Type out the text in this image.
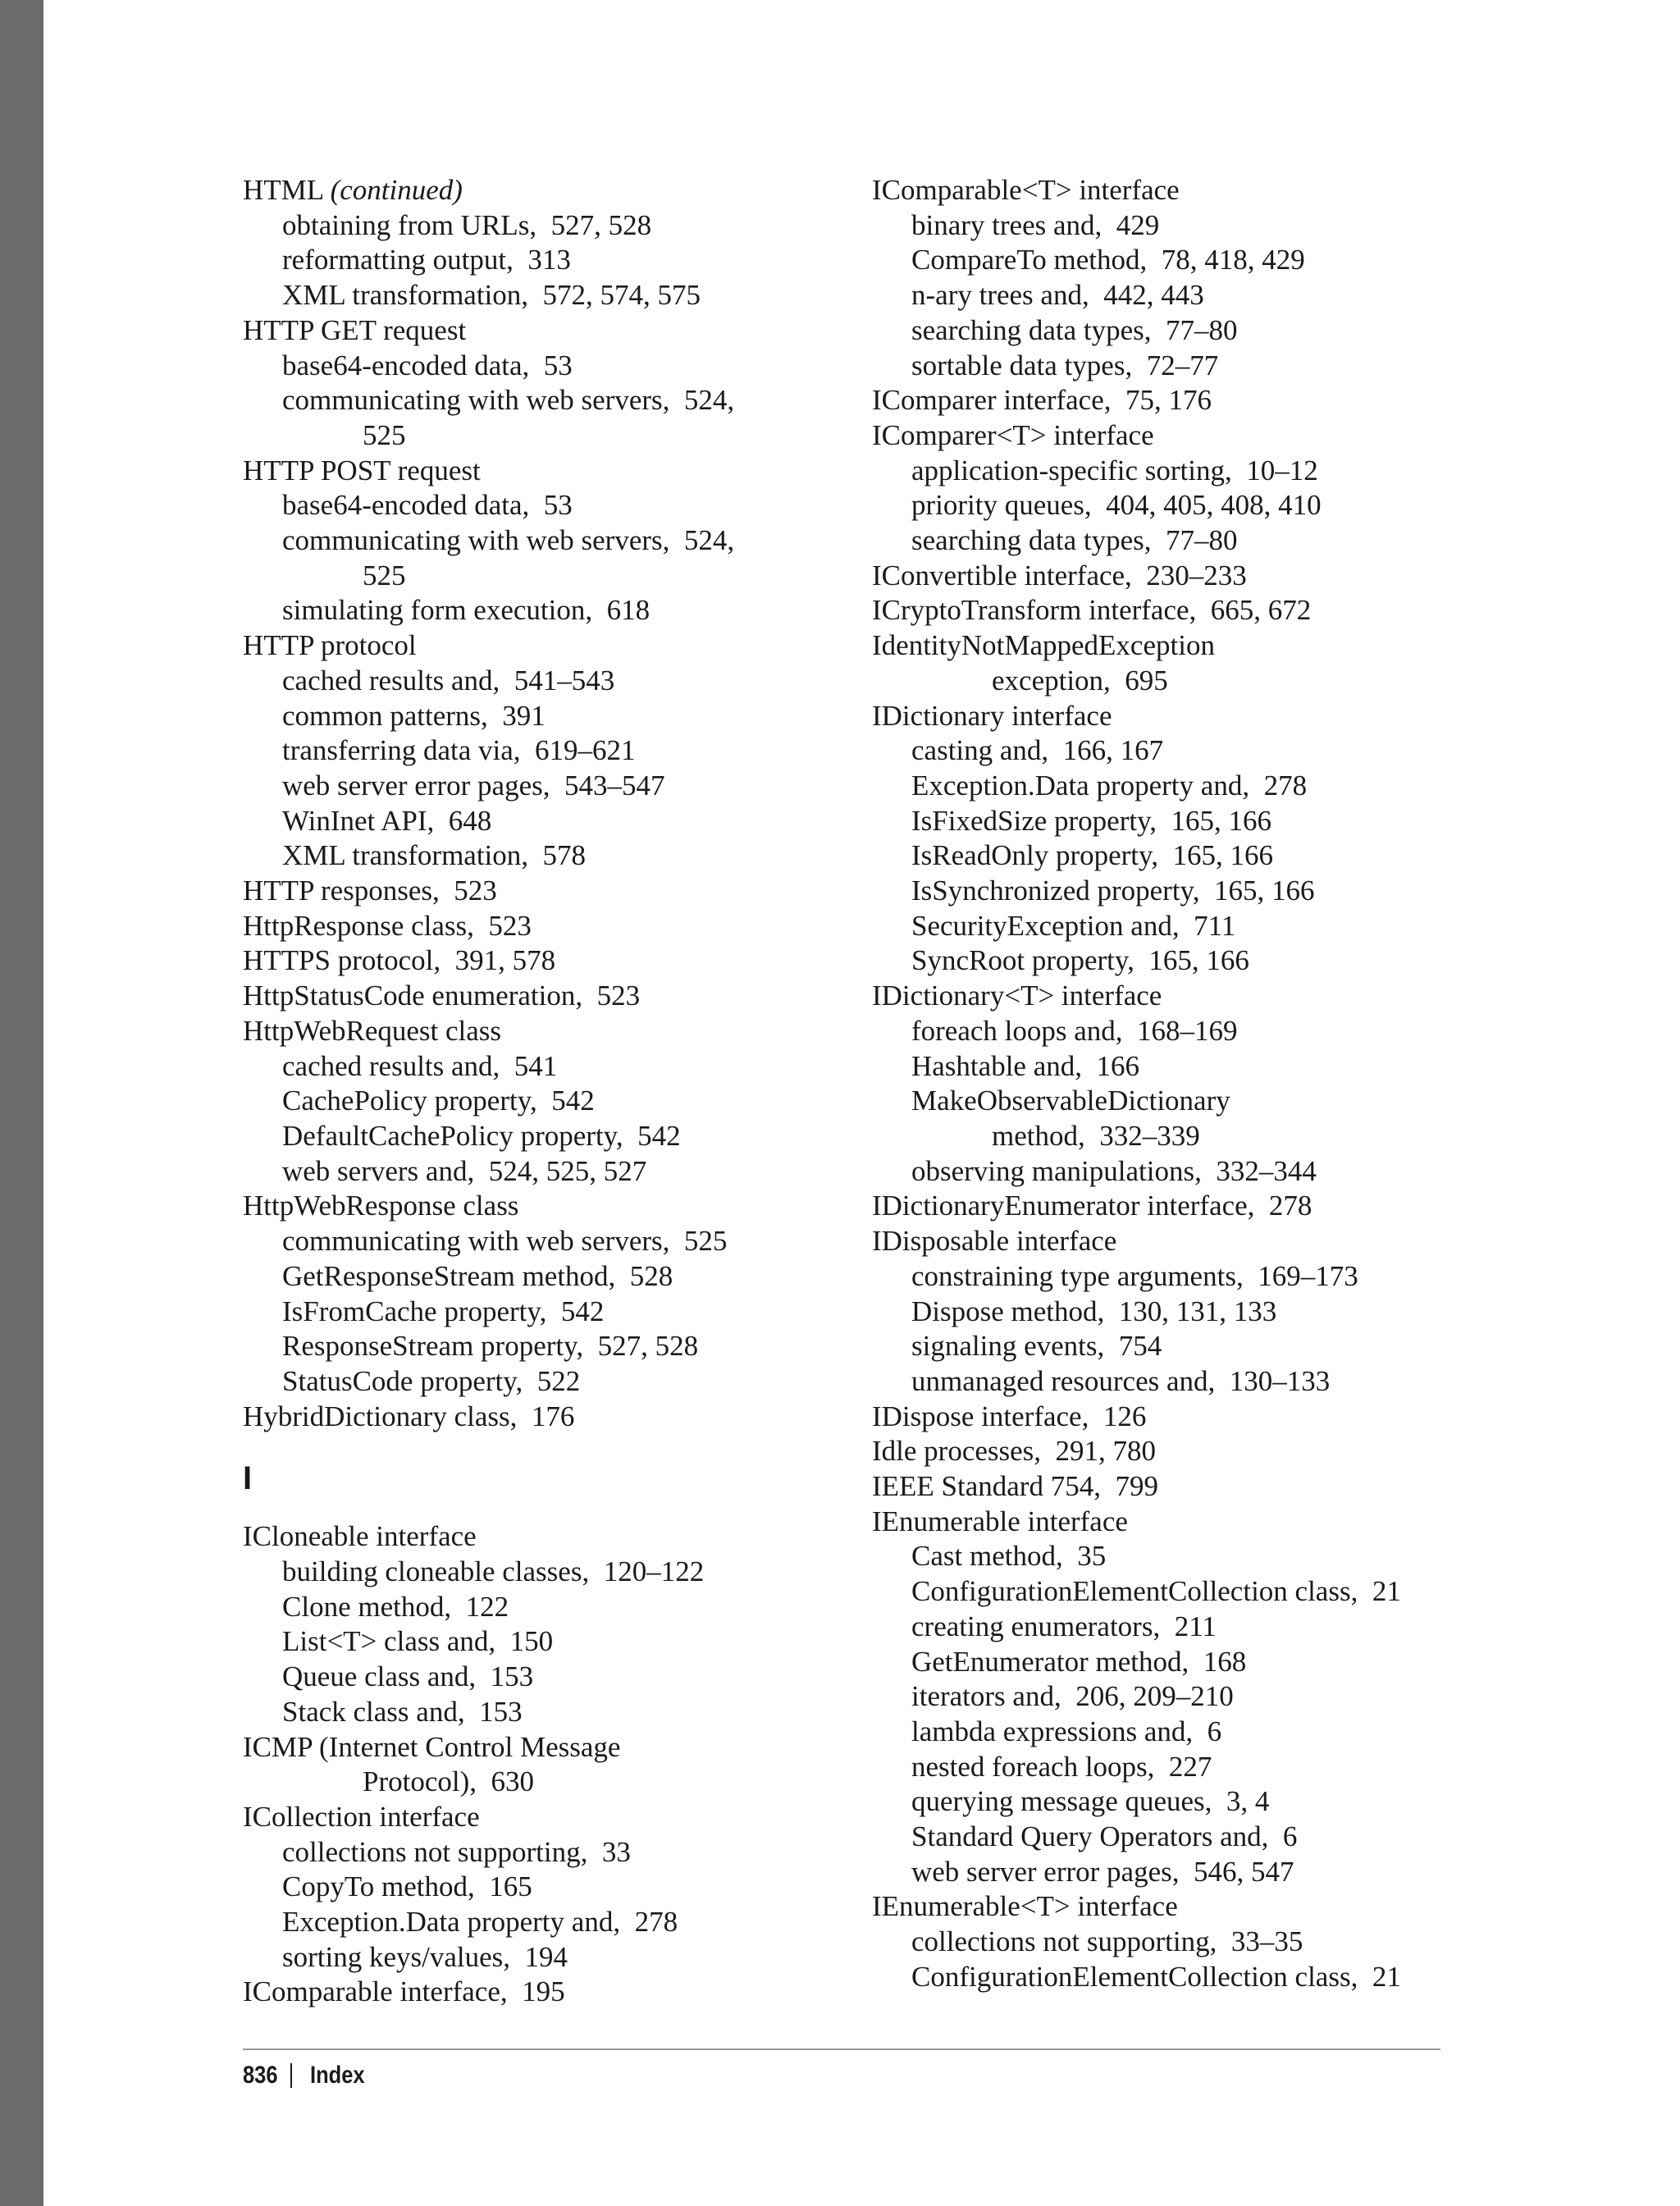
HTML (continued)
obtaining from URLs,  527, 528
reformatting output,  313
XML transformation,  572, 574, 575
HTTP GET request
base64-encoded data,  53
communicating with web servers,  524,
525
HTTP POST request
base64-encoded data,  53
communicating with web servers,  524,
525
simulating form execution,  618
HTTP protocol
cached results and,  541–543
common patterns,  391
transferring data via,  619–621
web server error pages,  543–547
WinInet API,  648
XML transformation,  578
HTTP responses,  523
HttpResponse class,  523
HTTPS protocol,  391, 578
HttpStatusCode enumeration,  523
HttpWebRequest class
cached results and,  541
CachePolicy property,  542
DefaultCachePolicy property,  542
web servers and,  524, 525, 527
HttpWebResponse class
communicating with web servers,  525
GetResponseStream method,  528
IsFromCache property,  542
ResponseStream property,  527, 528
StatusCode property,  522
HybridDictionary class,  176
I
ICloneable interface
building cloneable classes,  120–122
Clone method,  122
List<T> class and,  150
Queue class and,  153
Stack class and,  153
ICMP (Internet Control Message
Protocol),  630
ICollection interface
collections not supporting,  33
CopyTo method,  165
Exception.Data property and,  278
sorting keys/values,  194
IComparable interface,  195
IComparable<T> interface
binary trees and,  429
CompareTo method,  78, 418, 429
n-ary trees and,  442, 443
searching data types,  77–80
sortable data types,  72–77
IComparer interface,  75, 176
IComparer<T> interface
application-specific sorting,  10–12
priority queues,  404, 405, 408, 410
searching data types,  77–80
IConvertible interface,  230–233
ICryptoTransform interface,  665, 672
IdentityNotMappedException
exception,  695
IDictionary interface
casting and,  166, 167
Exception.Data property and,  278
IsFixedSize property,  165, 166
IsReadOnly property,  165, 166
IsSynchronized property,  165, 166
SecurityException and,  711
SyncRoot property,  165, 166
IDictionary<T> interface
foreach loops and,  168–169
Hashtable and,  166
MakeObservableDictionary
method,  332–339
observing manipulations,  332–344
IDictionaryEnumerator interface,  278
IDisposable interface
constraining type arguments,  169–173
Dispose method,  130, 131, 133
signaling events,  754
unmanaged resources and,  130–133
IDispose interface,  126
Idle processes,  291, 780
IEEE Standard 754,  799
IEnumerable interface
Cast method,  35
ConfigurationElementCollection class,  21
creating enumerators,  211
GetEnumerator method,  168
iterators and,  206, 209–210
lambda expressions and,  6
nested foreach loops,  227
querying message queues,  3, 4
Standard Query Operators and,  6
web server error pages,  546, 547
IEnumerable<T> interface
collections not supporting,  33–35
ConfigurationElementCollection class,  21
836 Index
